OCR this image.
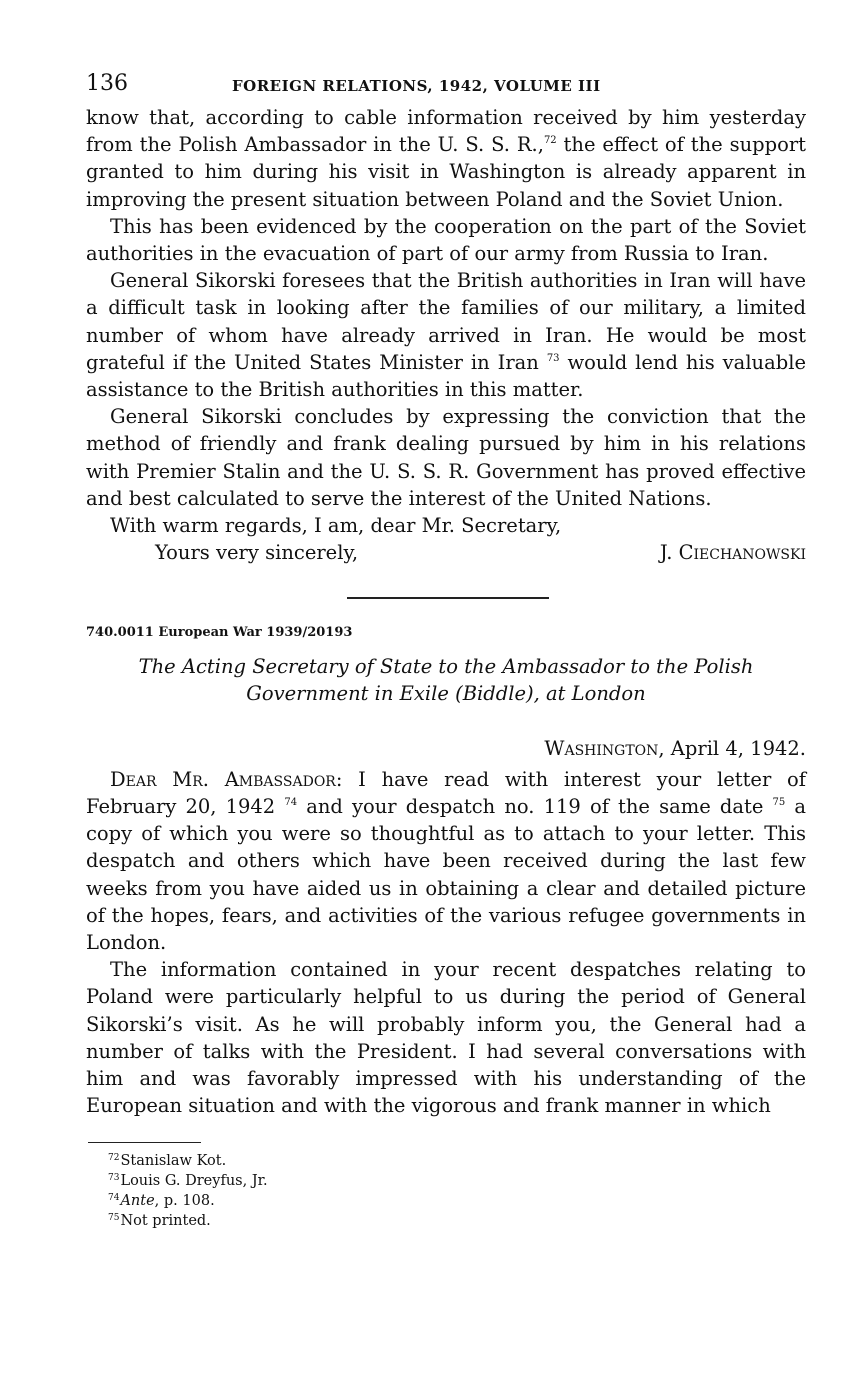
136	FOREIGN RELATIONS, 1942, VOLUME III

know that, according to cable information received by him yesterday from the Polish Ambassador in the U. S. S. R.,$^{72}$ the effect of the support granted to him during his visit in Washington is already apparent in improving the present situation between Poland and the Soviet Union.

This has been evidenced by the cooperation on the part of the Soviet authorities in the evacuation of part of our army from Russia to Iran.

General Sikorski foresees that the British authorities in Iran will have a difficult task in looking after the families of our military, a limited number of whom have already arrived in Iran. He would be most grateful if the United States Minister in Iran $^{73}$ would lend his valuable assistance to the British authorities in this matter.

General Sikorski concludes by expressing the conviction that the method of friendly and frank dealing pursued by him in his relations with Premier Stalin and the U. S. S. R. Government has proved effective and best calculated to serve the interest of the United Nations.

With warm regards, I am, dear Mr. Secretary,

Yours very sincerely,	J. Ciechanowski
740.0011 European War 1939/20193
The Acting Secretary of State to the Ambassador to the Polish
Government in Exile (Biddle), at London
Washington, April 4, 1942.

Dear Mr. Ambassador: I have read with interest your letter of February 20, 1942 $^{74}$ and your despatch no. 119 of the same date $^{75}$ a copy of which you were so thoughtful as to attach to your letter. This despatch and others which have been received during the last few weeks from you have aided us in obtaining a clear and detailed picture of the hopes, fears, and activities of the various refugee governments in London.

The information contained in your recent despatches relating to Poland were particularly helpful to us during the period of General Sikorski’s visit. As he will probably inform you, the General had a number of talks with the President. I had several conversations with him and was favorably impressed with his understanding of the European situation and with the vigorous and frank manner in which

$^{72}$Stanislaw Kot.
$^{73}$Louis G. Dreyfus, Jr.
$^{74}$Ante, p. 108.
$^{75}$Not printed.
